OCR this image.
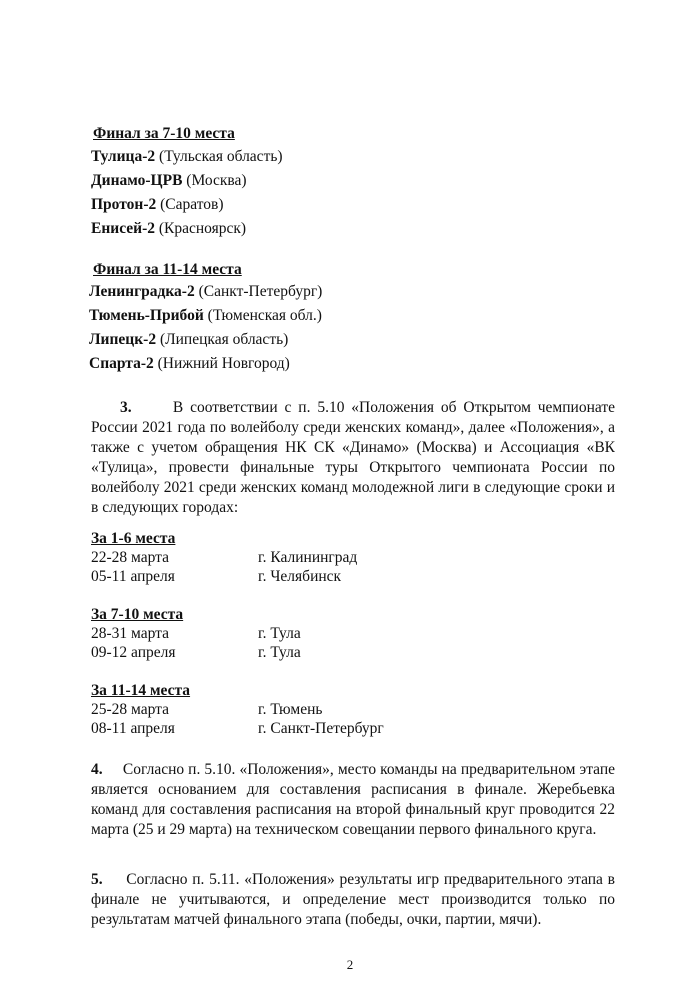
Финал за 7-10 места
Тулица-2 (Тульская область)
Динамо-ЦРВ (Москва)
Протон-2 (Саратов)
Енисей-2 (Красноярск)
Финал за 11-14 места
Ленинградка-2 (Санкт-Петербург)
Тюмень-Прибой (Тюменская обл.)
Липецк-2 (Липецкая область)
Спарта-2 (Нижний Новгород)
3.	В соответствии с п. 5.10 «Положения об Открытом чемпионате России 2021 года по волейболу среди женских команд», далее «Положения», а также с учетом обращения НК СК «Динамо» (Москва) и Ассоциация «ВК «Тулица», провести финальные туры Открытого чемпионата России по волейболу 2021 среди женских команд молодежной лиги в следующие сроки и в следующих городах:
За 1-6 места
22-28 марта	г. Калининград
05-11 апреля	г. Челябинск
За 7-10 места
28-31 марта	г. Тула
09-12 апреля	г. Тула
За 11-14 места
25-28 марта	г. Тюмень
08-11 апреля	г. Санкт-Петербург
4. Согласно п. 5.10. «Положения», место команды на предварительном этапе является основанием для составления расписания в финале. Жеребьевка команд для составления расписания на второй финальный круг проводится 22 марта (25 и 29 марта) на техническом совещании первого финального круга.
5. Согласно п. 5.11. «Положения» результаты игр предварительного этапа в финале не учитываются, и определение мест производится только по результатам матчей финального этапа (победы, очки, партии, мячи).
2
